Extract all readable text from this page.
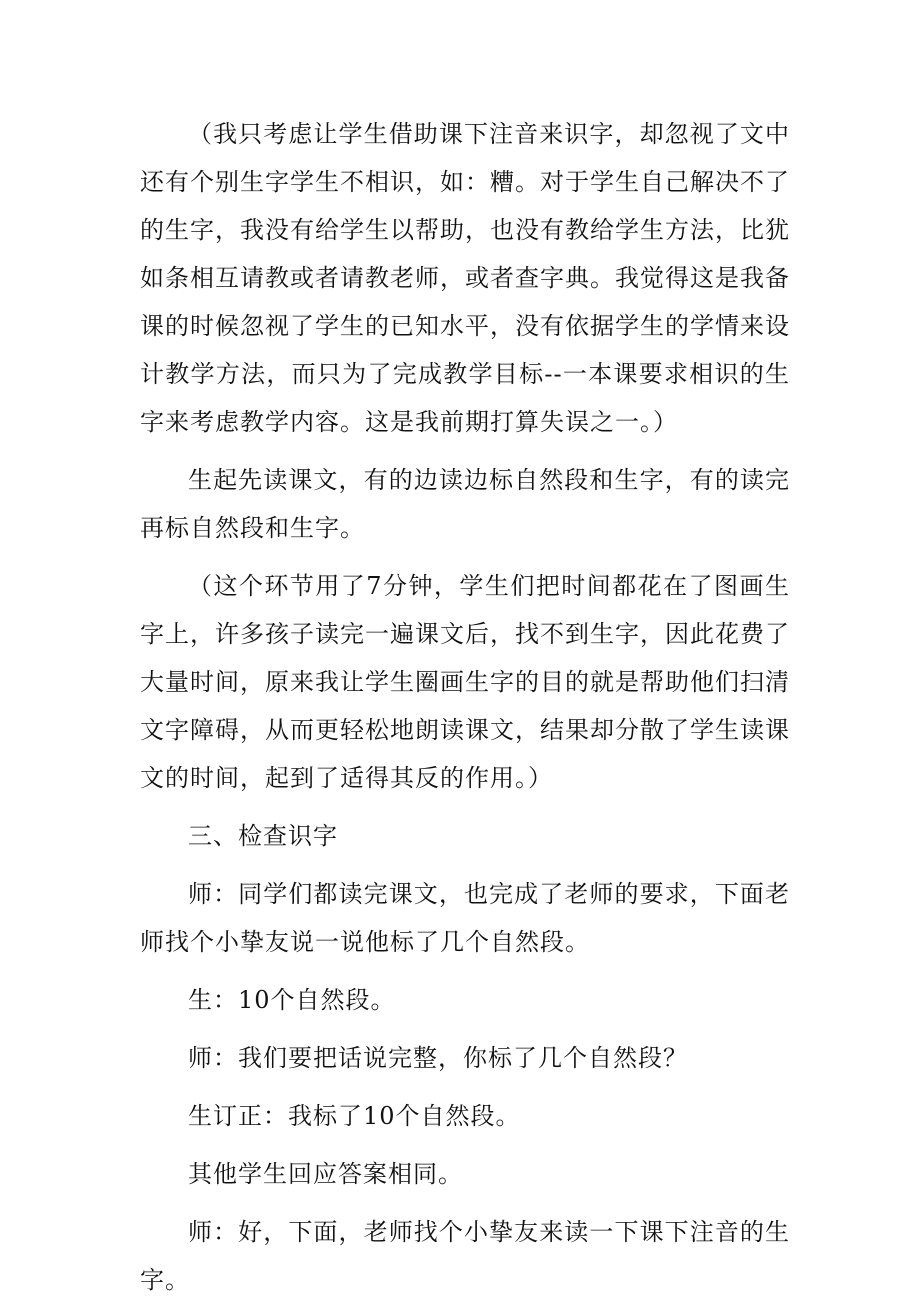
（我只考虑让学生借助课下注音来识字，却忽视了文中还有个别生字学生不相识，如：糟。对于学生自己解决不了的生字，我没有给学生以帮助，也没有教给学生方法，比犹如条相互请教或者请教老师，或者查字典。我觉得这是我备课的时候忽视了学生的已知水平，没有依据学生的学情来设计教学方法，而只为了完成教学目标--一本课要求相识的生字来考虑教学内容。这是我前期打算失误之一。）

生起先读课文，有的边读边标自然段和生字，有的读完再标自然段和生字。

（这个环节用了7分钟，学生们把时间都花在了图画生字上，许多孩子读完一遍课文后，找不到生字，因此花费了大量时间，原来我让学生圈画生字的目的就是帮助他们扫清文字障碍，从而更轻松地朗读课文，结果却分散了学生读课文的时间，起到了适得其反的作用。）

三、检查识字

师：同学们都读完课文，也完成了老师的要求，下面老师找个小挚友说一说他标了几个自然段。

生：10个自然段。

师：我们要把话说完整，你标了几个自然段？

生订正：我标了10个自然段。

其他学生回应答案相同。

师：好，下面，老师找个小挚友来读一下课下注音的生字。
